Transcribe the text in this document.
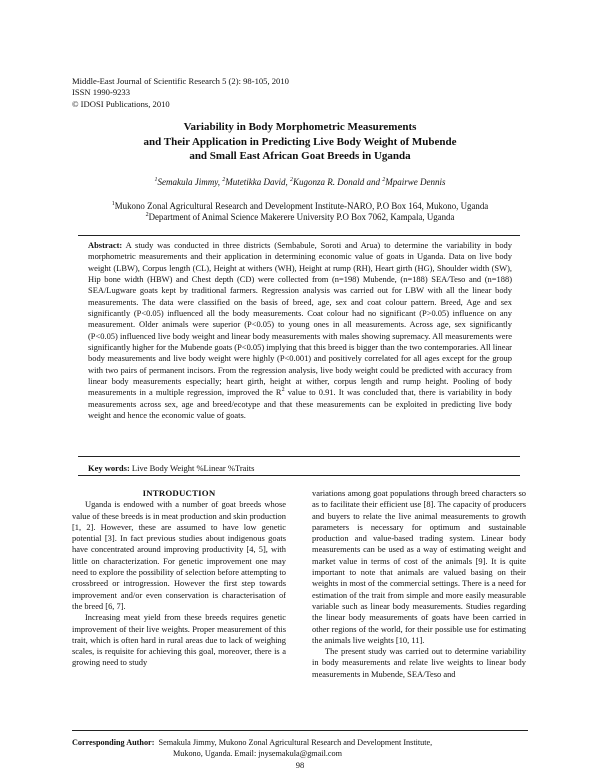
Middle-East Journal of Scientific Research 5 (2): 98-105, 2010
ISSN 1990-9233
© IDOSI Publications, 2010
Variability in Body Morphometric Measurements
and Their Application in Predicting Live Body Weight of Mubende
and Small East African Goat Breeds in Uganda
$^1$Semakula Jimmy, $^2$Mutetikka David, $^2$Kugonza R. Donald and $^2$Mpairwe Dennis
$^1$Mukono Zonal Agricultural Research and Development Institute-NARO, P.O Box 164, Mukono, Uganda
$^2$Department of Animal Science Makerere University P.O Box 7062, Kampala, Uganda
Abstract: A study was conducted in three districts (Sembabule, Soroti and Arua) to determine the variability in body morphometric measurements and their application in determining economic value of goats in Uganda. Data on live body weight (LBW), Corpus length (CL), Height at withers (WH), Height at rump (RH), Heart girth (HG), Shoulder width (SW), Hip bone width (HBW) and Chest depth (CD) were collected from (n=198) Mubende, (n=188) SEA/Teso and (n=188) SEA/Lugware goats kept by traditional farmers. Regression analysis was carried out for LBW with all the linear body measurements. The data were classified on the basis of breed, age, sex and coat colour pattern. Breed, Age and sex significantly (P<0.05) influenced all the body measurements. Coat colour had no significant (P>0.05) influence on any measurement. Older animals were superior (P<0.05) to young ones in all measurements. Across age, sex significantly (P<0.05) influenced live body weight and linear body measurements with males showing supremacy. All measurements were significantly higher for the Mubende goats (P<0.05) implying that this breed is bigger than the two contemporaries. All linear body measurements and live body weight were highly (P<0.001) and positively correlated for all ages except for the group with two pairs of permanent incisors. From the regression analysis, live body weight could be predicted with accuracy from linear body measurements especially; heart girth, height at wither, corpus length and rump height. Pooling of body measurements in a multiple regression, improved the $R^2$ value to 0.91. It was concluded that, there is variability in body measurements across sex, age and breed/ecotype and that these measurements can be exploited in predicting live body weight and hence the economic value of goats.
Key words: Live Body Weight %Linear %Traits

INTRODUCTION

Uganda is endowed with a number of goat breeds whose value of these breeds is in meat production and skin production [1, 2]. However, these are assumed to have low genetic potential [3]. In fact previous studies about indigenous goats have concentrated around improving productivity [4, 5], with little on characterization. For genetic improvement one may need to explore the possibility of selection before attempting to crossbreed or introgression. However the first step towards improvement and/or even conservation is characterisation of the breed [6, 7].

Increasing meat yield from these breeds requires genetic improvement of their live weights. Proper measurement of this trait, which is often hard in rural areas due to lack of weighing scales, is requisite for achieving this goal, moreover, there is a growing need to study

variations among goat populations through breed characters so as to facilitate their efficient use [8]. The capacity of producers and buyers to relate the live animal measurements to growth parameters is necessary for optimum and sustainable production and value-based trading system. Linear body measurements can be used as a way of estimating weight and market value in terms of cost of the animals [9]. It is quite important to note that animals are valued basing on their weights in most of the commercial settings. There is a need for estimation of the trait from simple and more easily measurable variable such as linear body measurements. Studies regarding the linear body measurements of goats have been carried in other regions of the world, for their possible use for estimating the animals live weights [10, 11].

The present study was carried out to determine variability in body measurements and relate live weights to linear body measurements in Mubende, SEA/Teso and

Corresponding Author: Semakula Jimmy, Mukono Zonal Agricultural Research and Development Institute,
Mukono, Uganda. Email: jnysemakula@gmail.com
98
